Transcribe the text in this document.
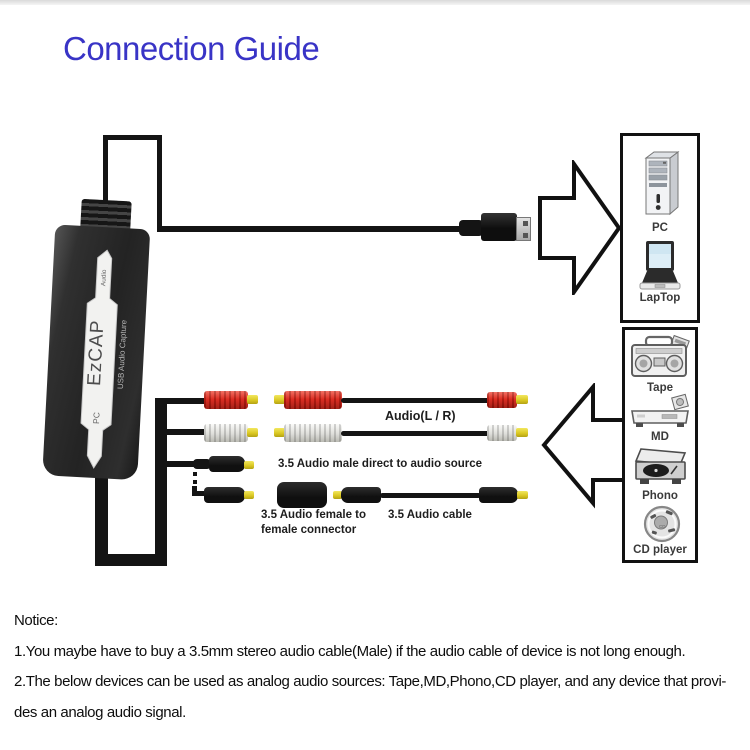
Connection Guide
Audio(L / R)
3.5 Audio male direct to audio source
3.5 Audio female to
female connector
3.5 Audio cable
Audio
EzCAP USB Audio Capture
PC
PC
LapTop
Tape
MD
Phono
CD
CD player
Notice:
1.You maybe have to buy a 3.5mm stereo audio cable(Male) if the audio cable of device is not long enough.
2.The below devices can be used as analog audio sources: Tape,MD,Phono,CD player, and any device that provi-
des an analog audio signal.
